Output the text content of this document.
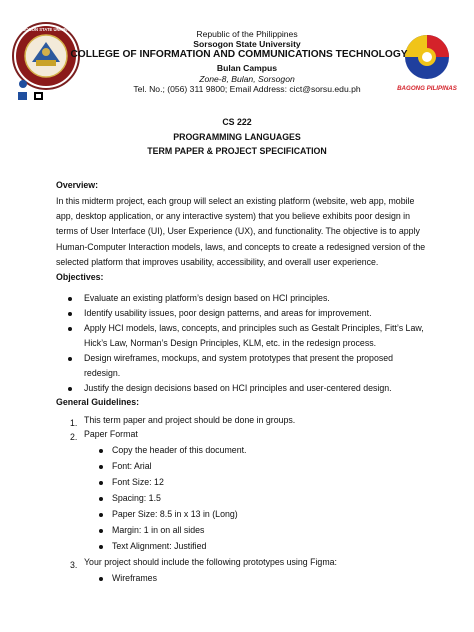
SORSOGON STATE UNIVERSITY
BAGONG PILIPINAS
Republic of the Philippines
Sorsogon State University
COLLEGE OF INFORMATION AND COMMUNICATIONS TECHNOLOGY
Bulan Campus
Zone-8, Bulan, Sorsogon
Tel. No.; (056) 311 9800; Email Address: cict@sorsu.edu.ph
CS 222
PROGRAMMING LANGUAGES
TERM PAPER & PROJECT SPECIFICATION
Overview:
In this midterm project, each group will select an existing platform (website, web app, mobile
app, desktop application, or any interactive system) that you believe exhibits poor design in
terms of User Interface (UI), User Experience (UX), and functionality. The objective is to apply
Human-Computer Interaction models, laws, and concepts to create a redesigned version of the
selected platform that improves usability, accessibility, and overall user experience.
Objectives:
Evaluate an existing platform’s design based on HCI principles.
Identify usability issues, poor design patterns, and areas for improvement.
Apply HCI models, laws, concepts, and principles such as Gestalt Principles, Fitt’s Law,
Hick’s Law, Norman’s Design Principles, KLM, etc. in the redesign process.
Design wireframes, mockups, and system prototypes that present the proposed
redesign.
Justify the design decisions based on HCI principles and user-centered design.
General Guidelines:
1. This term paper and project should be done in groups.
2. Paper Format
Copy the header of this document.
Font: Arial
Font Size: 12
Spacing: 1.5
Paper Size: 8.5 in x 13 in (Long)
Margin: 1 in on all sides
Text Alignment: Justified
3. Your project should include the following prototypes using Figma:
Wireframes
